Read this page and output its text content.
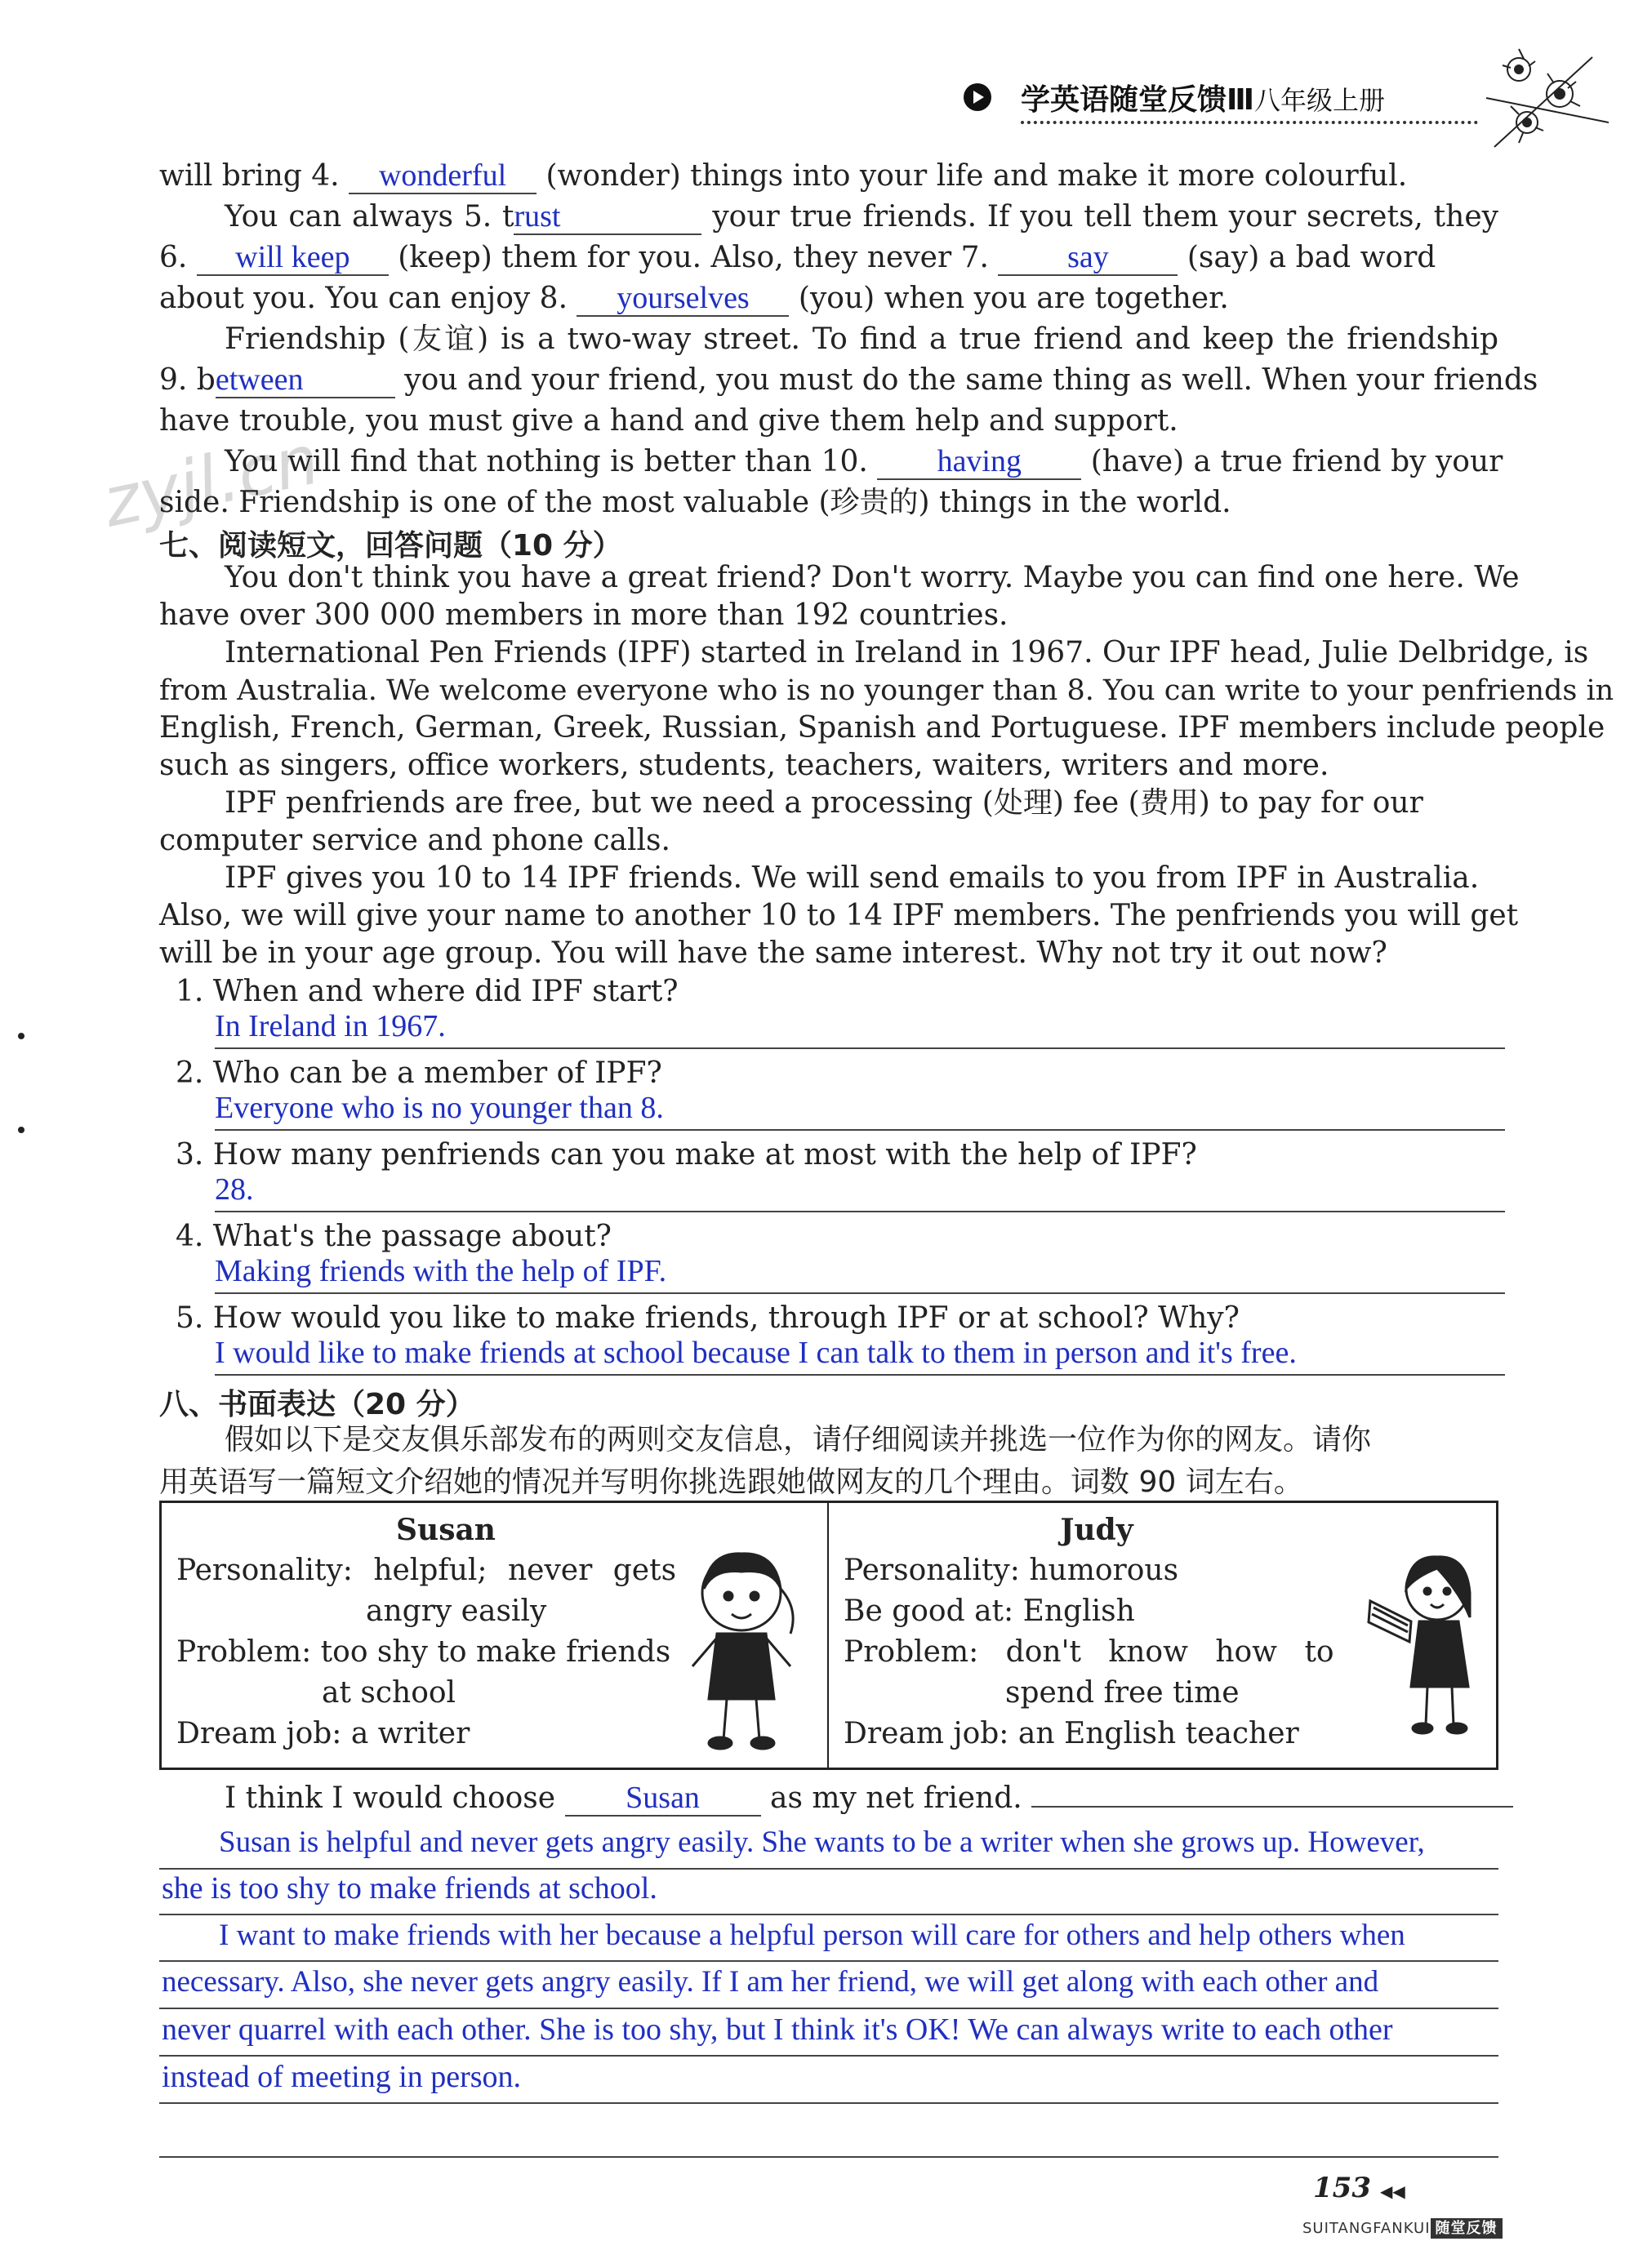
学英语随堂反馈Ⅲ八年级上册
zyjl.cn
will bring 4. wonderful (wonder) things into your life and make it more colourful.
You can always 5. trust	your true friends. If you tell them your secrets, they
6. will keep (keep) them for you. Also, they never 7.	say	(say) a bad word
about you. You can enjoy 8. yourselves (you) when you are together.
Friendship (友谊) is a two-way street. To find a true friend and keep the friendship
9. between	you and your friend, you must do the same thing as well. When your friends
have trouble, you must give a hand and give them help and support.
You will find that nothing is better than 10. having (have) a true friend by your
side. Friendship is one of the most valuable (珍贵的) things in the world.
七、阅读短文，回答问题（10 分）
You don't think you have a great friend? Don't worry. Maybe you can find one here. We
have over 300 000 members in more than 192 countries.
International Pen Friends (IPF) started in Ireland in 1967. Our IPF head, Julie Delbridge, is
from Australia. We welcome everyone who is no younger than 8. You can write to your penfriends in
English, French, German, Greek, Russian, Spanish and Portuguese. IPF members include people
such as singers, office workers, students, teachers, waiters, writers and more.
IPF penfriends are free, but we need a processing (处理) fee (费用) to pay for our
computer service and phone calls.
IPF gives you 10 to 14 IPF friends. We will send emails to you from IPF in Australia.
Also, we will give your name to another 10 to 14 IPF members. The penfriends you will get
will be in your age group. You will have the same interest. Why not try it out now?
1. When and where did IPF start?
In Ireland in 1967.
2. Who can be a member of IPF?
Everyone who is no younger than 8.
3. How many penfriends can you make at most with the help of IPF?
28.
4. What's the passage about?
Making friends with the help of IPF.
5. How would you like to make friends, through IPF or at school? Why?
I would like to make friends at school because I can talk to them in person and it's free.
八、书面表达（20 分）
假如以下是交友俱乐部发布的两则交友信息，请仔细阅读并挑选一位作为你的网友。请你
用英语写一篇短文介绍她的情况并写明你挑选跟她做网友的几个理由。词数 90 词左右。
Susan
Personality: helpful; never gets
angry easily
Problem: too shy to make friends
at school
Dream job: a writer
Judy
Personality: humorous
Be good at: English
Problem: don't know how to
spend free time
Dream job: an English teacher
I think I would choose Susan as my net friend.
Susan is helpful and never gets angry easily. She wants to be a writer when she grows up. However,
she is too shy to make friends at school.
I want to make friends with her because a helpful person will care for others and help others when
necessary. Also, she never gets angry easily. If I am her friend, we will get along with each other and
never quarrel with each other. She is too shy, but I think it's OK! We can always write to each other
instead of meeting in person.
153 ◀◀
SUITANGFANKUI 随堂反馈
